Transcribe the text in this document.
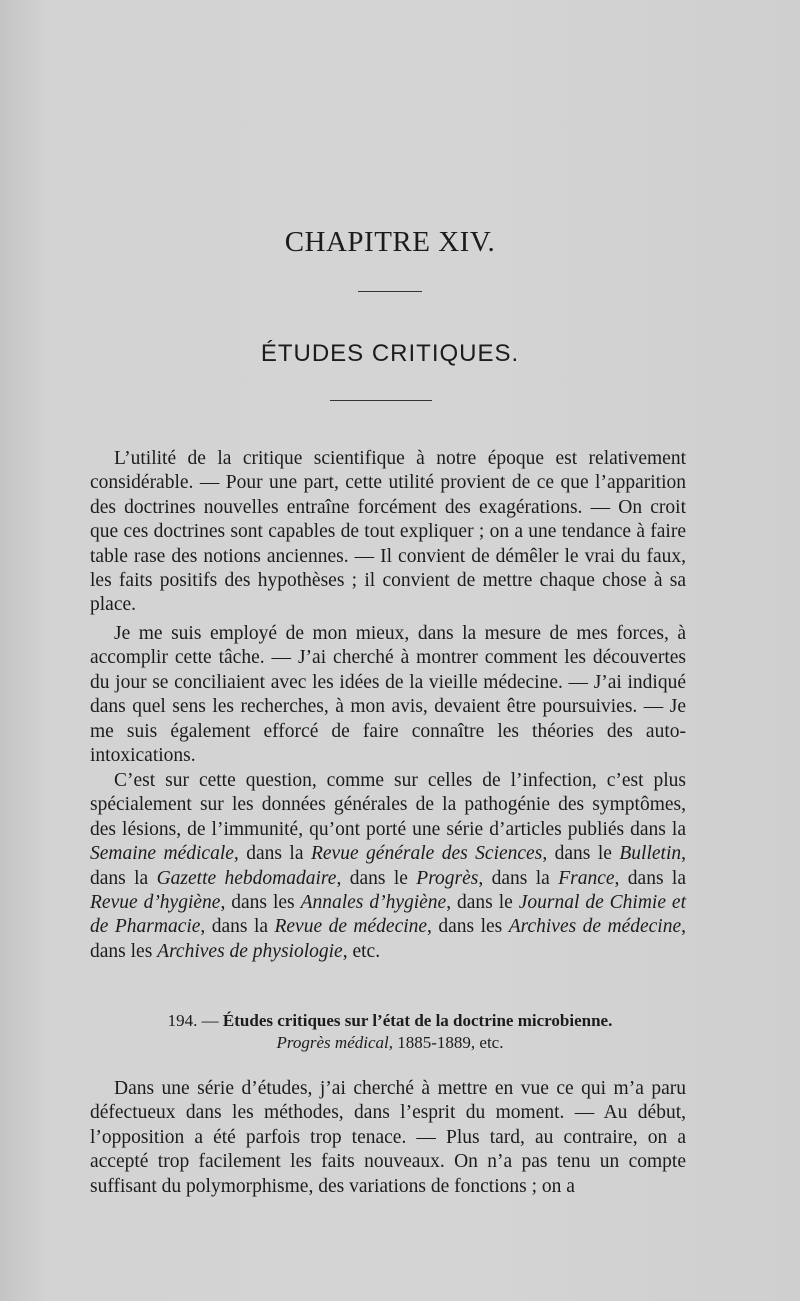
CHAPITRE XIV.
ÉTUDES CRITIQUES.

L’utilité de la critique scientifique à notre époque est relativement considérable. — Pour une part, cette utilité provient de ce que l’apparition des doctrines nouvelles entraîne forcément des exagérations. — On croit que ces doctrines sont capables de tout expliquer ; on a une tendance à faire table rase des notions anciennes. — Il convient de démêler le vrai du faux, les faits positifs des hypothèses ; il convient de mettre chaque chose à sa place.

Je me suis employé de mon mieux, dans la mesure de mes forces, à accomplir cette tâche. — J’ai cherché à montrer comment les découvertes du jour se conciliaient avec les idées de la vieille médecine. — J’ai indiqué dans quel sens les recherches, à mon avis, devaient être poursuivies. — Je me suis également efforcé de faire connaître les théories des auto-intoxications.

C’est sur cette question, comme sur celles de l’infection, c’est plus spécialement sur les données générales de la pathogénie des symptômes, des lésions, de l’immunité, qu’ont porté une série d’articles publiés dans la Semaine médicale, dans la Revue générale des Sciences, dans le Bulletin, dans la Gazette hebdomadaire, dans le Progrès, dans la France, dans la Revue d’hygiène, dans les Annales d’hygiène, dans le Journal de Chimie et de Pharmacie, dans la Revue de médecine, dans les Archives de médecine, dans les Archives de physiologie, etc.

194. — Études critiques sur l’état de la doctrine microbienne.
Progrès médical, 1885-1889, etc.

Dans une série d’études, j’ai cherché à mettre en vue ce qui m’a paru défectueux dans les méthodes, dans l’esprit du moment. — Au début, l’opposition a été parfois trop tenace. — Plus tard, au contraire, on a accepté trop facilement les faits nouveaux. On n’a pas tenu un compte suffisant du polymorphisme, des variations de fonctions ; on a
